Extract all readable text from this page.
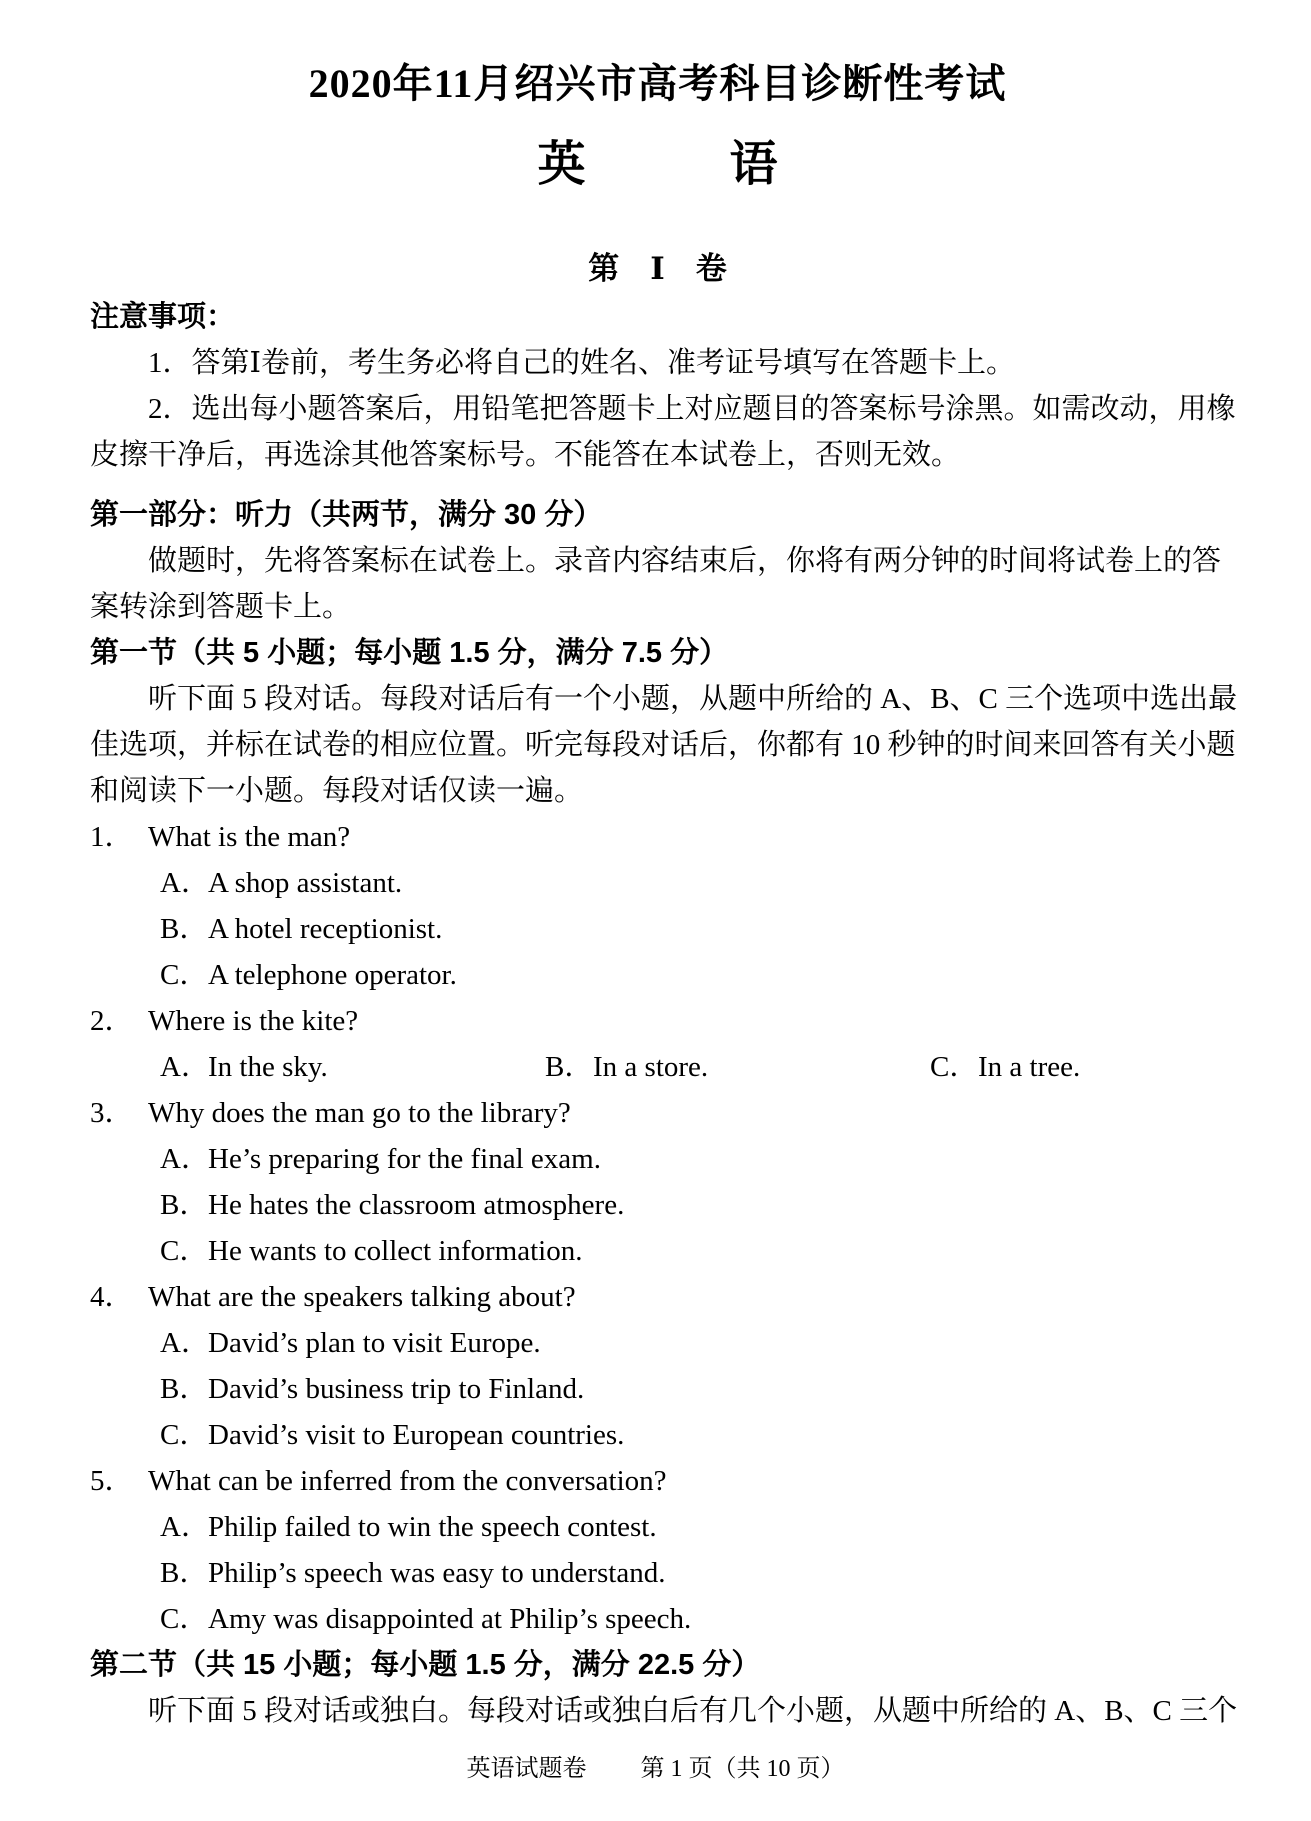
2020年11月绍兴市高考科目诊断性考试
英　　　语
第　Ⅰ　卷
注意事项：
1．答第Ⅰ卷前，考生务必将自己的姓名、准考证号填写在答题卡上。
2．选出每小题答案后，用铅笔把答题卡上对应题目的答案标号涂黑。如需改动，用橡
皮擦干净后，再选涂其他答案标号。不能答在本试卷上，否则无效。
第一部分：听力（共两节，满分 30 分）
做题时，先将答案标在试卷上。录音内容结束后，你将有两分钟的时间将试卷上的答
案转涂到答题卡上。
第一节（共 5 小题；每小题 1.5 分，满分 7.5 分）
听下面 5 段对话。每段对话后有一个小题，从题中所给的 A、B、C 三个选项中选出最
佳选项，并标在试卷的相应位置。听完每段对话后，你都有 10 秒钟的时间来回答有关小题
和阅读下一小题。每段对话仅读一遍。
1． What is the man?
A．A shop assistant.
B．A hotel receptionist.
C．A telephone operator.
2． Where is the kite?
A．In the sky.	B．In a store.	C．In a tree.
3． Why does the man go to the library?
A．He’s preparing for the final exam.
B．He hates the classroom atmosphere.
C．He wants to collect information.
4． What are the speakers talking about?
A．David’s plan to visit Europe.
B．David’s business trip to Finland.
C．David’s visit to European countries.
5． What can be inferred from the conversation?
A．Philip failed to win the speech contest.
B．Philip’s speech was easy to understand.
C．Amy was disappointed at Philip’s speech.
第二节（共 15 小题；每小题 1.5 分，满分 22.5 分）
听下面 5 段对话或独白。每段对话或独白后有几个小题，从题中所给的 A、B、C 三个
英语试题卷 第 1 页（共 10 页）
